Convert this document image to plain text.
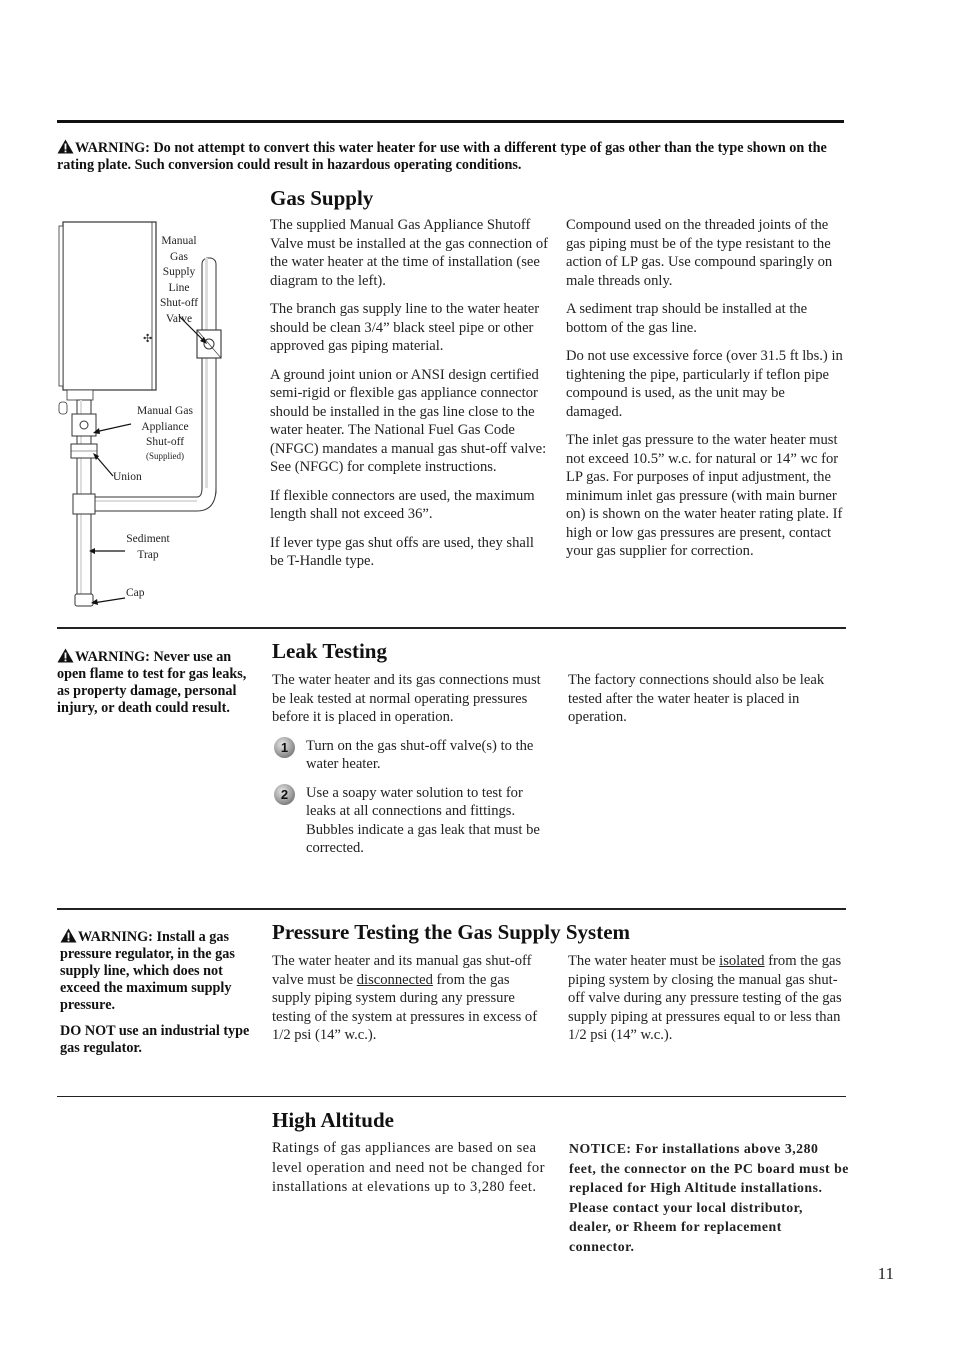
WARNING: Do not attempt to convert this water heater for use with a different type of gas other than the type shown on the rating plate. Such conversion could result in hazardous operating conditions.
Gas Supply
✣
Manual
Gas
Supply
Line
Shut-off
Valve
Manual Gas
Appliance
Shut-off
(Supplied)
Union
Sediment
Trap
Cap

The supplied Manual Gas Appliance Shutoff Valve must be installed at the gas connection of the water heater at the time of installation (see diagram to the left).

The branch gas supply line to the water heater should be clean 3/4” black steel pipe or other approved gas piping material.

A ground joint union or ANSI design certified semi-rigid or flexible gas appliance connector should be installed in the gas line close to the water heater. The National Fuel Gas Code (NFGC) mandates a manual gas shut-off valve: See (NFGC) for complete instructions.

If flexible connectors are used, the maximum length shall not exceed 36”.

If lever type gas shut offs are used, they shall be T-Handle type.

Compound used on the threaded joints of the gas piping must be of the type resistant to the action of LP gas. Use compound sparingly on male threads only.

A sediment trap should be installed at the bottom of the gas line.

Do not use excessive force (over 31.5 ft lbs.) in tightening the pipe, particularly if teflon pipe compound is used, as the unit may be damaged.

The inlet gas pressure to the water heater must not exceed 10.5” w.c. for natural or 14” wc for LP gas. For purposes of input adjustment, the minimum inlet gas pressure (with main burner on) is shown on the water heater rating plate. If high or low gas pressures are present, contact your gas supplier for correction.

WARNING: Never use an open flame to test for gas leaks, as property damage, personal injury, or death could result.
Leak Testing

The water heater and its gas connections must be leak tested at normal operating pressures before it is placed in operation.

1	Turn on the gas shut-off valve(s) to the water heater.
2	Use a soapy water solution to test for leaks at all connections and fittings. Bubbles indicate a gas leak that must be corrected.

The factory connections should also be leak tested after the water heater is placed in operation.

WARNING: Install a gas pressure regulator, in the gas supply line, which does not exceed the maximum supply pressure.
DO NOT use an industrial type gas regulator.
Pressure Testing the Gas Supply System

The water heater and its manual gas shut-off valve must be disconnected from the gas supply piping system during any pressure testing of the system at pressures in excess of 1/2 psi (14” w.c.).

The water heater must be isolated from the gas piping system by closing the manual gas shut-off valve during any pressure testing of the gas supply piping at pressures equal to or less than
1/2 psi (14” w.c.).

High Altitude

Ratings of gas appliances are based on sea level operation and need not be changed for installations at elevations up to 3,280 feet.

NOTICE: For installations above 3,280 feet, the connector on the PC board must be replaced for High Altitude installations. Please contact your local distributor, dealer, or Rheem for replacement connector.

11
